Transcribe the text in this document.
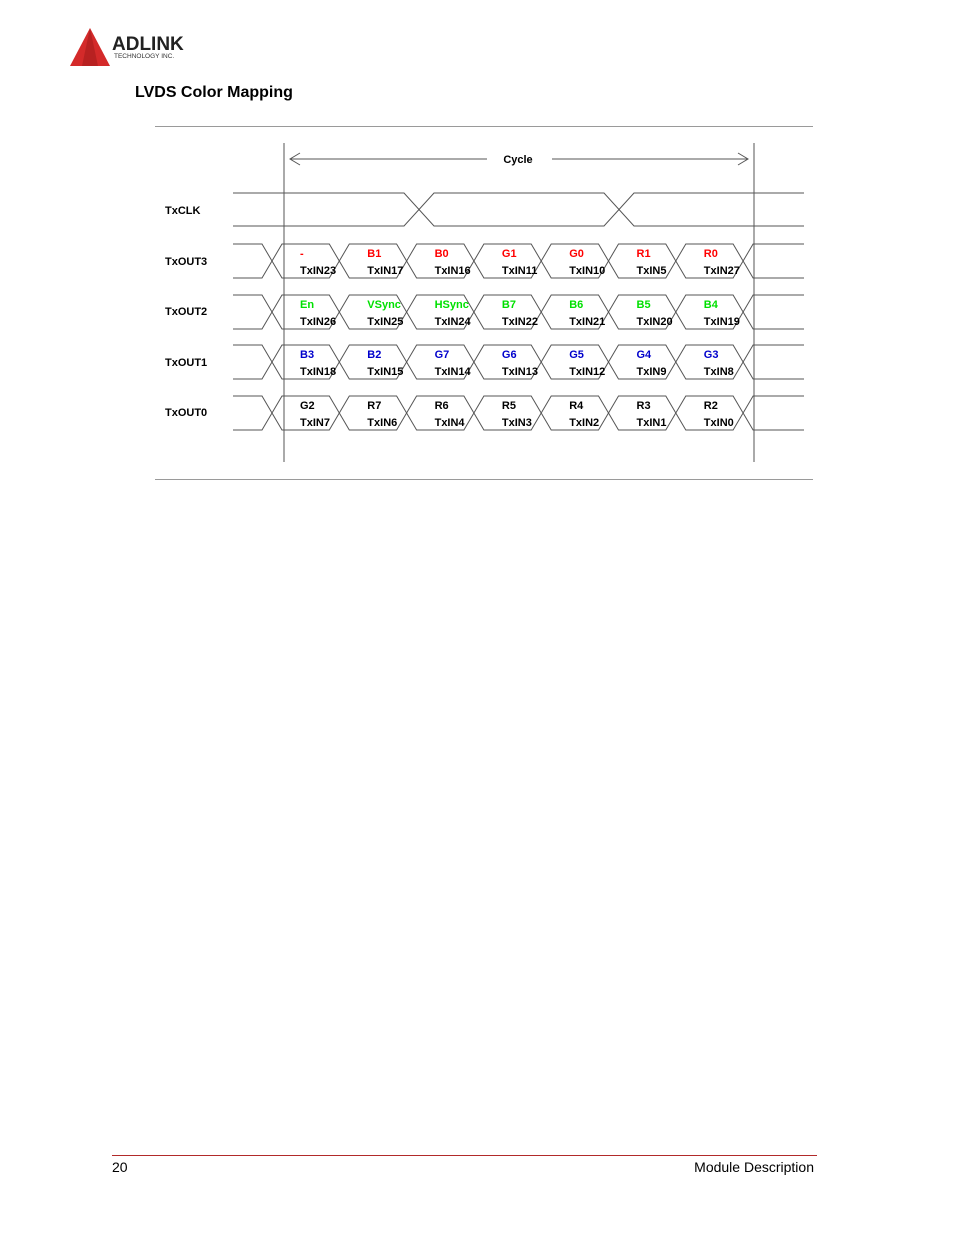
ADLINK
TECHNOLOGY INC.
LVDS Color Mapping
Cycle
-
TxIN23
B1
TxIN17
B0
TxIN16
G1
TxIN11
G0
TxIN10
R1
TxIN5
R0
TxIN27
En
TxIN26
VSync
TxIN25
HSync
TxIN24
B7
TxIN22
B6
TxIN21
B5
TxIN20
B4
TxIN19
B3
TxIN18
B2
TxIN15
G7
TxIN14
G6
TxIN13
G5
TxIN12
G4
TxIN9
G3
TxIN8
G2
TxIN7
R7
TxIN6
R6
TxIN4
R5
TxIN3
R4
TxIN2
R3
TxIN1
R2
TxIN0
TxCLK
TxOUT3
TxOUT2
TxOUT1
TxOUT0
20	Module Description
